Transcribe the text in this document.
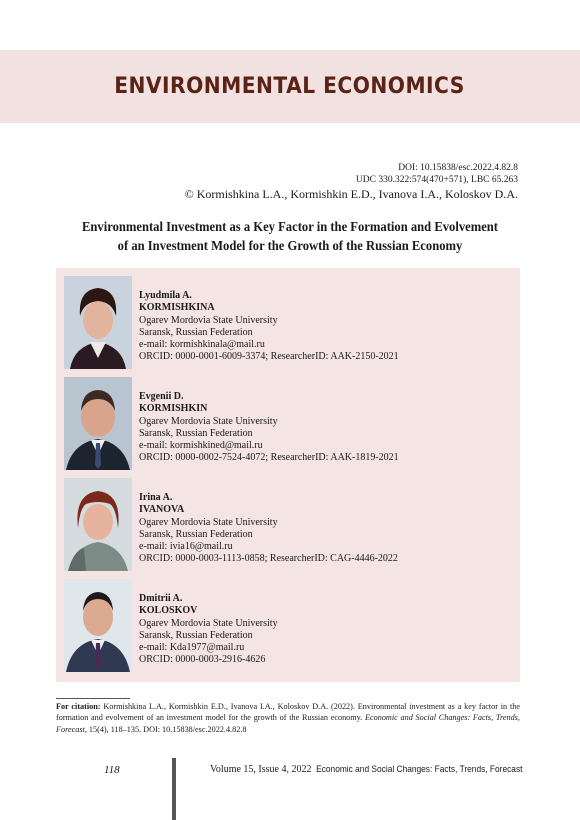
ENVIRONMENTAL ECONOMICS
DOI: 10.15838/esc.2022.4.82.8
UDC 330.322:574(470+571), LBC 65.263
© Kormishkina L.A., Kormishkin E.D., Ivanova I.A., Koloskov D.A.
Environmental Investment as a Key Factor in the Formation and Evolvement
of an Investment Model for the Growth of the Russian Economy
Lyudmila A.
KORMISHKINA
Ogarev Mordovia State University
Saransk, Russian Federation
e-mail: kormishkinala@mail.ru
ORCID: 0000-0001-6009-3374; ResearcherID: AAK-2150-2021
Evgenii D.
KORMISHKIN
Ogarev Mordovia State University
Saransk, Russian Federation
e-mail: kormishkined@mail.ru
ORCID: 0000-0002-7524-4072; ResearcherID: AAK-1819-2021
Irina A.
IVANOVA
Ogarev Mordovia State University
Saransk, Russian Federation
e-mail: ivia16@mail.ru
ORCID: 0000-0003-1113-0858; ResearcherID: CAG-4446-2022
Dmitrii A.
KOLOSKOV
Ogarev Mordovia State University
Saransk, Russian Federation
e-mail: Kda1977@mail.ru
ORCID: 0000-0003-2916-4626
For citation: Kormishkina L.A., Kormishkin E.D., Ivanova I.A., Koloskov D.A. (2022). Environmental investment as a key factor in the formation and evolvement of an investment model for the growth of the Russian economy. Economic and Social Changes: Facts, Trends, Forecast, 15(4), 118–135. DOI: 10.15838/esc.2022.4.82.8
118	Volume 15, Issue 4, 2022 Economic and Social Changes: Facts, Trends, Forecast
